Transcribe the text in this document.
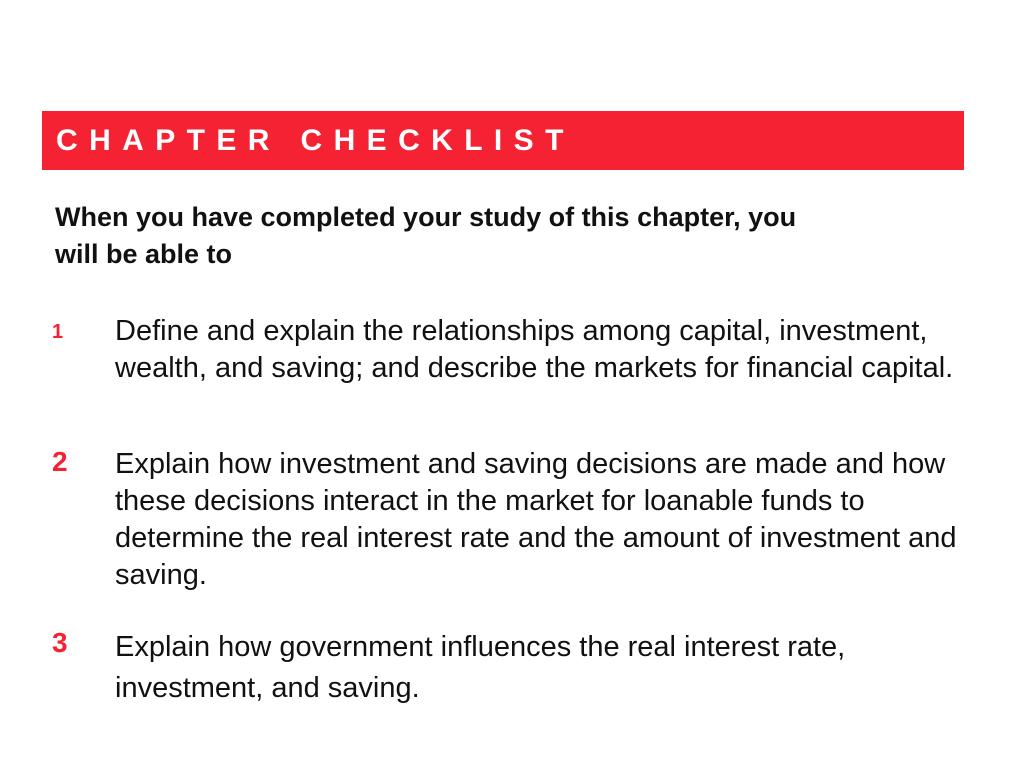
CHAPTER CHECKLIST
When you have completed your study of this chapter, you will be able to
1 Define and explain the relationships among capital, investment, wealth, and saving; and describe the markets for financial capital.
2 Explain how investment and saving decisions are made and how these decisions interact in the market for loanable funds to determine the real interest rate and the amount of investment and saving.
3 Explain how government influences the real interest rate, investment, and saving.
